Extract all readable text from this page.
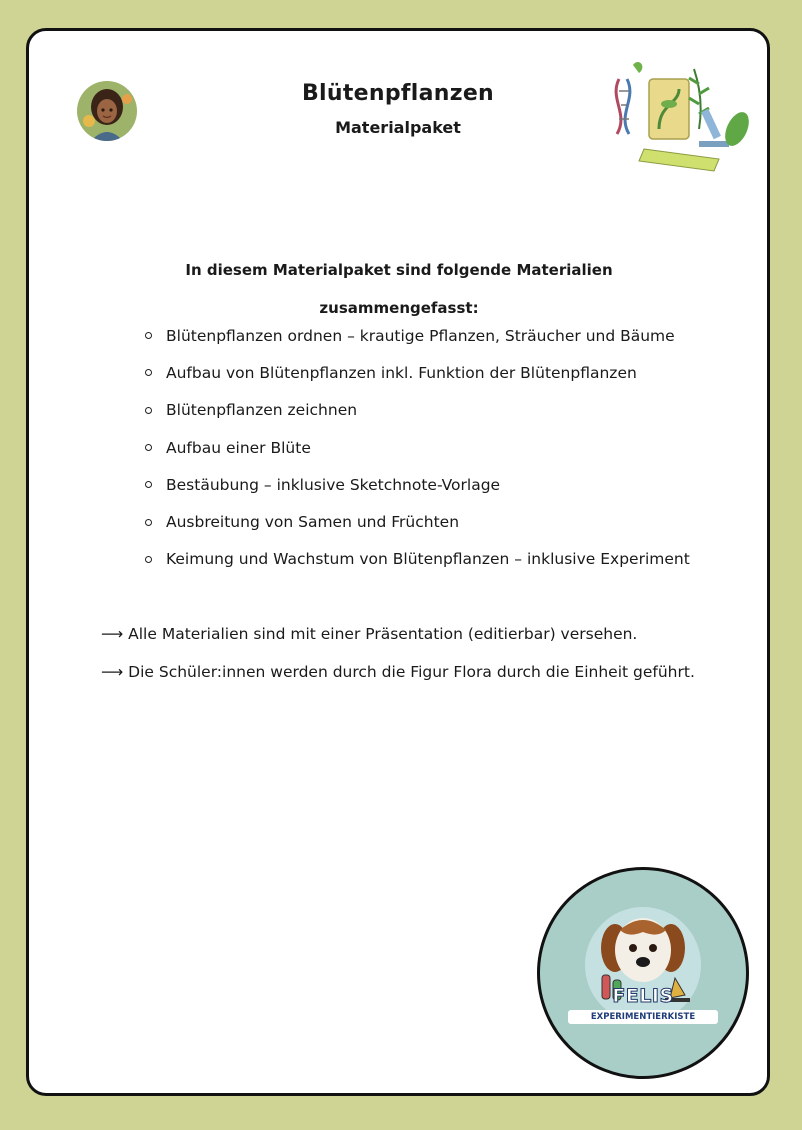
Blütenpflanzen
Materialpaket
In diesem Materialpaket sind folgende Materialien zusammengefasst:
Blütenpflanzen ordnen – krautige Pflanzen, Sträucher und Bäume
Aufbau von Blütenpflanzen inkl. Funktion der Blütenpflanzen
Blütenpflanzen zeichnen
Aufbau einer Blüte
Bestäubung – inklusive Sketchnote-Vorlage
Ausbreitung von Samen und Früchten
Keimung und Wachstum von Blütenpflanzen – inklusive Experiment

⟶ Alle Materialien sind mit einer Präsentation (editierbar) versehen.

⟶ Die Schüler:innen werden durch die Figur Flora durch die Einheit geführt.

FELIS
EXPERIMENTIERKISTE
